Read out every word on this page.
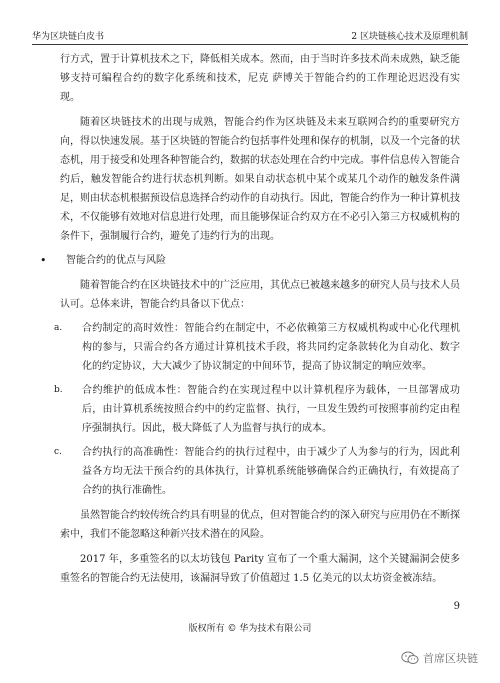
华为区块链白皮书	2 区块链核心技术及原理机制

行方式，置于计算机技术之下，降低相关成本。然而，由于当时许多技术尚未成熟，缺乏能够支持可编程合约的数字化系统和技术，尼克 萨博关于智能合约的工作理论迟迟没有实现。

随着区块链技术的出现与成熟，智能合约作为区块链及未来互联网合约的重要研究方向，得以快速发展。基于区块链的智能合约包括事件处理和保存的机制，以及一个完备的状态机，用于接受和处理各种智能合约，数据的状态处理在合约中完成。事件信息传入智能合约后，触发智能合约进行状态机判断。如果自动状态机中某个或某几个动作的触发条件满足，则由状态机根据预设信息选择合约动作的自动执行。因此，智能合约作为一种计算机技术，不仅能够有效地对信息进行处理，而且能够保证合约双方在不必引入第三方权威机构的条件下，强制履行合约，避免了违约行为的出现。

• 智能合约的优点与风险

随着智能合约在区块链技术中的广泛应用，其优点已被越来越多的研究人员与技术人员认可。总体来讲，智能合约具备以下优点：

a. 合约制定的高时效性：智能合约在制定中，不必依赖第三方权威机构或中心化代理机构的参与，只需合约各方通过计算机技术手段，将共同约定条款转化为自动化、数字化的约定协议，大大减少了协议制定的中间环节，提高了协议制定的响应效率。
b. 合约维护的低成本性：智能合约在实现过程中以计算机程序为载体，一旦部署成功后，由计算机系统按照合约中的约定监督、执行，一旦发生毁约可按照事前约定由程序强制执行。因此，极大降低了人为监督与执行的成本。
c. 合约执行的高准确性：智能合约的执行过程中，由于减少了人为参与的行为，因此利益各方均无法干预合约的具体执行，计算机系统能够确保合约正确执行，有效提高了合约的执行准确性。

虽然智能合约较传统合约具有明显的优点，但对智能合约的深入研究与应用仍在不断探索中，我们不能忽略这种新兴技术潜在的风险。

2017 年，多重签名的以太坊钱包 Parity 宣布了一个重大漏洞，这个关键漏洞会使多重签名的智能合约无法使用，该漏洞导致了价值超过 1.5 亿美元的以太坊资金被冻结。

9
版权所有 © 华为技术有限公司
首席区块链
